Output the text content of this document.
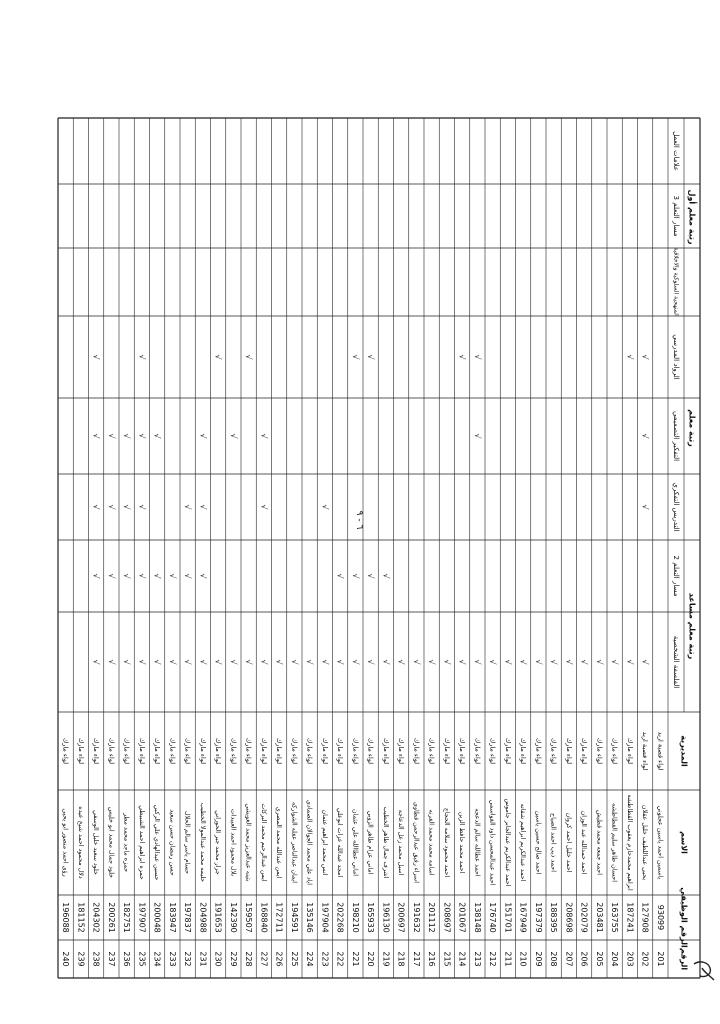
الرقم
الرقم الوظيفي
الاسم
المديرية
رتبة معلم مساعد
الفلسفة الشخصية
مسار التعلم 2
رتبة معلم
التدريس التفكري
التفكير التصميمي
الرواد المدرسي
رتبة معلم أول
المنهجية السلوكية والاخلاقية
مسار التعلم 3
علامات العمل
201
93099
ياسمين احمد ياسين عجلوني
لواء قصبة اربد
202
127908
يحيى عبداللطيف خليل عقلان
لواء قصبة اربد
√
√
√
√
203
187241
ابراهيم محمدحازم يعقوب القطاطشة
لواء مارك
√
√
204
163755
احسان طاهر سليم القطاطشه
لواء مارك
√
205
203481
احمد جمعه محمد قطيش
لواء مارك
√
206
202079
احمد حمدالله عبد الوزان
لواء مارك
√
207
208698
احمد خليل احمد كروان
لواء مارك
√
208
188395
احمد ذيب احمد الصياح
لواء مارك
√
209
197379
احمد صالح حسين ياسين
لواء مارك
√
210
167949
احمد عبدالكريم ابراهيم شقاته
لواء مارك
√
211
151701
احمد عبدالكريم عبدالجابر جاموس
لواء مارك
√
212
176740
احمد عبدالمحسن داود القواسمي
لواء مارك
√
213
138148
احمد عطالله سالم الدعجه
لواء مارك
√
√
√
214
201067
احمد محمد حافظ الزين
لواء مارك
√
√
215
208697
احمد محمود سلامه الحجاج
لواء مارك
√
216
201112
اسامه محمد محمد القرنه
لواء مارك
√
217
191632
اسراء رفيق عبدالرحمن قطاوي
لواء مارك
√
218
200697
اسيل محمد زعل الدعاجة
لواء مارك
√
219
196130
اشرف جمال طاهر الخطيب
لواء مارك
√
√
220
165933
اماني عزام طاهر الزوبي
لواء مارك
√
√
√
221
198210
اماني عطاالله علي عثمان
لواء مارك
√
√
√
222
202268
امجد عبدالله عزات ابوعلي
لواء مارك
√
√
223
197904
انس محمد ابراهيم عثمان
لواء مارك
√
√
224
135146
اياد علي محمد الجوالان الصمادي
لواء مارك
√
225
194591
ايمان عبدالناصر عقله الشواركه
لواء مارك
√
226
172711
ايمن عبدالله محمد المصري
لواء مارك
√
227
168840
ايمن عبدالرحيم محمد البركات
لواء مارك
√
√
√
228
159507
بثينه عبدالعزيز محمد الغويشي
لواء مارك
√
√
229
142390
بلال محمود احمد العبيدات
لواء مارك
√
√
230
191653
جرار محمد جبر الحوراني
لواء مارك
√
√
231
204988
حليمه محمد عبدالمولا الخطيب
لواء مارك
√
√
√
√
232
197837
حسام ياسر سالم الحلال
لواء مارك
√
√
√
233
183947
حسن رمضان حسن سعيد
لواء مارك
√
√
234
200048
حسين عبدالهادي علي الركبي
لواء مارك
√
√
√
235
197907
حمزه ابراهيم احمد الشبيطي
لواء مارك
√
√
√
√
√
236
182751
حمزه ماجد محمد مطر
لواء مارك
√
√
√
√
237
200261
خلود جمال محمد ابو خليس
لواء مارك
√
√
√
√
238
204302
خلود سعيد خليل الوسفي
لواء مارك
√
√
√
√
√
239
181152
دلال محمود احمد شيخ عيده
لواء مارك
240
196088
رؤى احمد منصور ابو يحيى
لواء مارك
٦ - ٩
